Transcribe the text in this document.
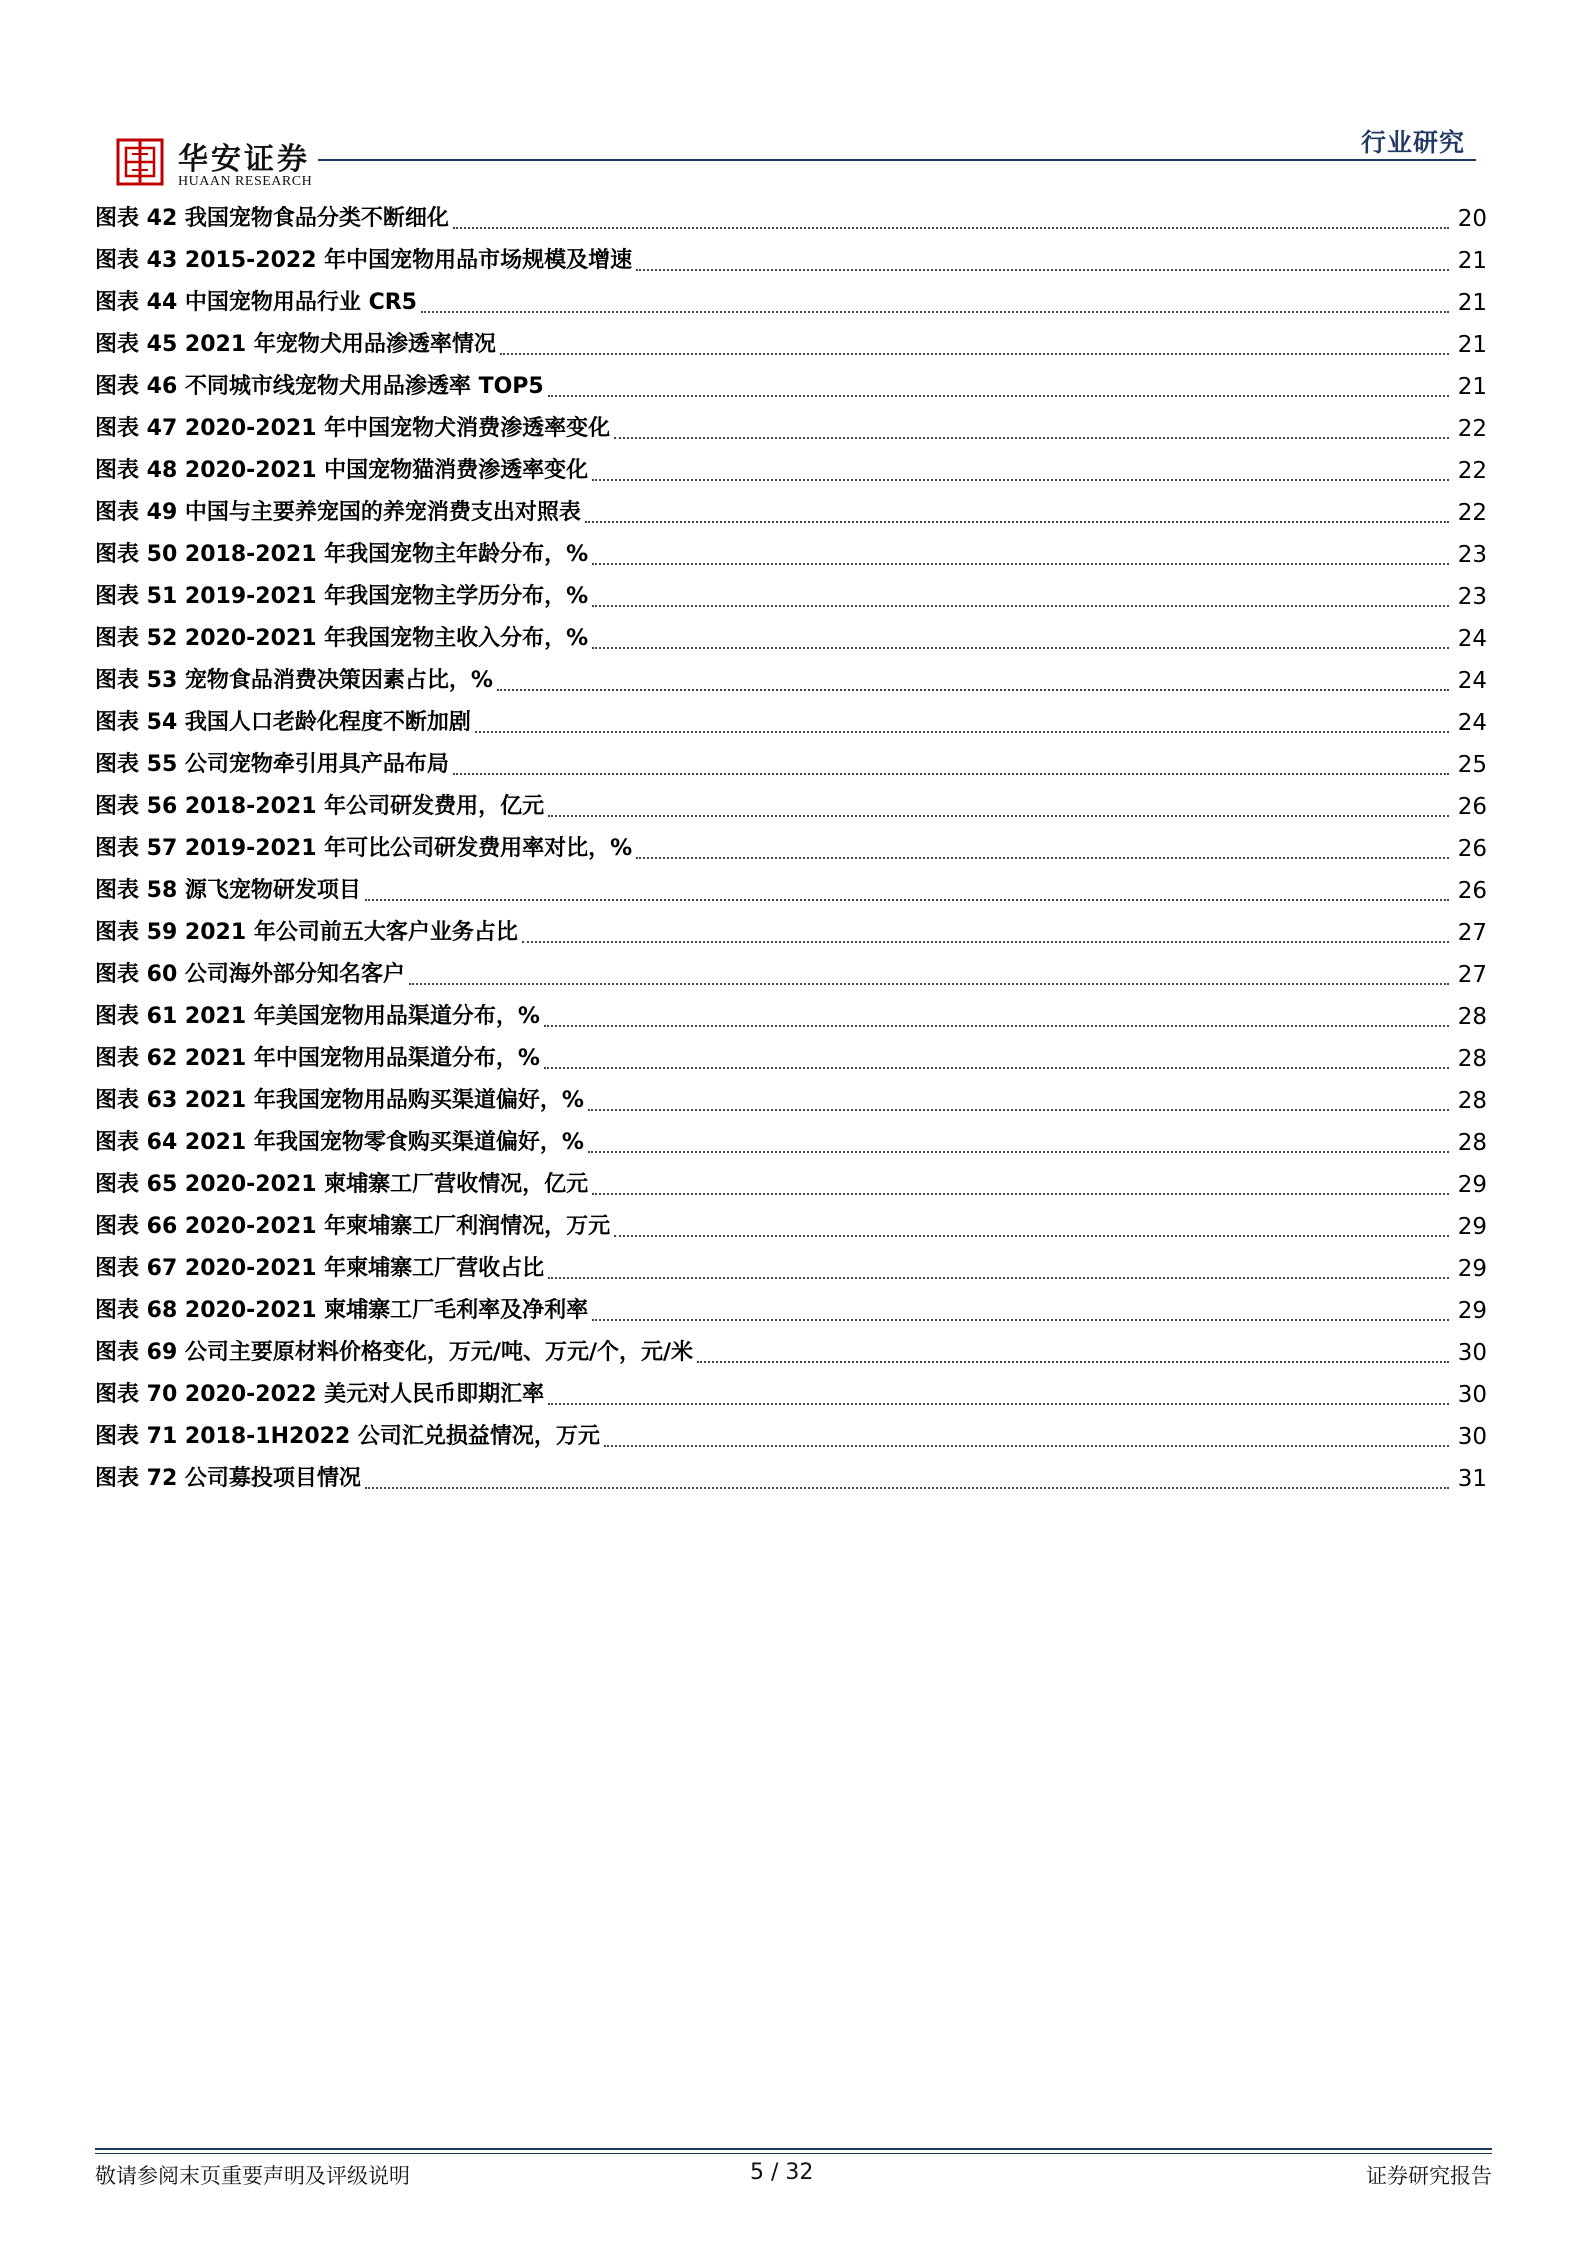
华安证券
HUAAN RESEARCH
行业研究
图表 42 我国宠物食品分类不断细化	20
图表 43 2015-2022 年中国宠物用品市场规模及增速	21
图表 44 中国宠物用品行业 CR5	21
图表 45 2021 年宠物犬用品渗透率情况	21
图表 46 不同城市线宠物犬用品渗透率 TOP5	21
图表 47 2020-2021 年中国宠物犬消费渗透率变化	22
图表 48 2020-2021 中国宠物猫消费渗透率变化	22
图表 49 中国与主要养宠国的养宠消费支出对照表	22
图表 50 2018-2021 年我国宠物主年龄分布，%	23
图表 51 2019-2021 年我国宠物主学历分布，%	23
图表 52 2020-2021 年我国宠物主收入分布，%	24
图表 53 宠物食品消费决策因素占比，%	24
图表 54 我国人口老龄化程度不断加剧	24
图表 55 公司宠物牵引用具产品布局	25
图表 56 2018-2021 年公司研发费用，亿元	26
图表 57 2019-2021 年可比公司研发费用率对比，%	26
图表 58 源飞宠物研发项目	26
图表 59 2021 年公司前五大客户业务占比	27
图表 60 公司海外部分知名客户	27
图表 61 2021 年美国宠物用品渠道分布，%	28
图表 62 2021 年中国宠物用品渠道分布，%	28
图表 63 2021 年我国宠物用品购买渠道偏好，%	28
图表 64 2021 年我国宠物零食购买渠道偏好，%	28
图表 65 2020-2021 柬埔寨工厂营收情况，亿元	29
图表 66 2020-2021 年柬埔寨工厂利润情况，万元	29
图表 67 2020-2021 年柬埔寨工厂营收占比	29
图表 68 2020-2021 柬埔寨工厂毛利率及净利率	29
图表 69 公司主要原材料价格变化，万元/吨、万元/个，元/米	30
图表 70 2020-2022 美元对人民币即期汇率	30
图表 71 2018-1H2022 公司汇兑损益情况，万元	30
图表 72 公司募投项目情况	31
敬请参阅末页重要声明及评级说明	5 / 32	证券研究报告
